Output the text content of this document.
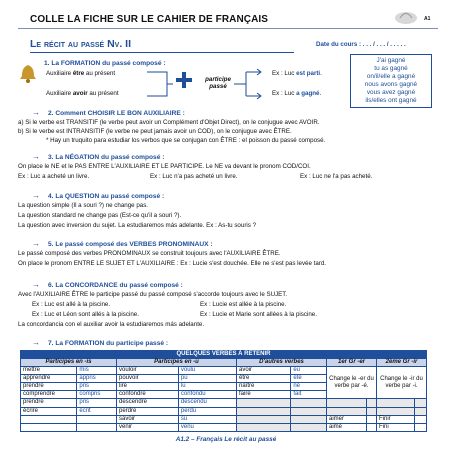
COLLE LA FICHE SUR LE CAHIER DE FRANÇAIS	A1
Le récit au passé Nv. II	Date du cours : . . . / . . . / . . . . .
1. La FORMATION du passé composé :
Auxiliaire être au présent
Auxiliaire avoir au présent
participe passé
Ex : Luc est parti.
Ex : Luc a gagné.
J'ai gagné
tu as gagné
on/il/elle a gagné
nous avons gagné
vous avez gagné
ils/elles ont gagné
→ 2. Comment CHOISIR LE BON AUXILIAIRE :
a) Si le verbe est TRANSITIF (le verbe peut avoir un Complément d'Objet Direct), on le conjugue avec AVOIR.
b) Si le verbe est INTRANSITIF (le verbe ne peut jamais avoir un COD), on le conjugue avec ÊTRE.
* Hay un truquito para estudiar los verbos que se conjugan con ÊTRE : el poisson du passé composé.
→ 3. La NÉGATION du passé composé :
On place le NE et le PAS ENTRE L'AUXILIAIRE ET LE PARTICIPE. Le NE va devant le pronom COD/COI.
Ex : Luc a acheté un livre.	Ex : Luc n'a pas acheté un livre.	Ex : Luc ne l'a pas acheté.
→ 4. La QUESTION au passé composé :
La question simple (Il a souri ?) ne change pas.
La question standard ne change pas (Est-ce qu'il a souri ?).
La question avec inversion du sujet. La estudiaremos más adelante. Ex : As-tu souris ?
→ 5. Le passé composé des VERBES PRONOMINAUX :
Le passé composé des verbes PRONOMINAUX se construit toujours avec l'AUXILIAIRE ÊTRE.
On place le pronom ENTRE LE SUJET ET L'AUXILIAIRE : Ex : Lucie s'est douchée. Elle ne s'est pas levée tard.
→ 6. La CONCORDANCE du passé composé :
Avec l'AUXILIAIRE ÊTRE le participe passé du passé composé s'accorde toujours avec le SUJET.
Ex : Luc est allé à la piscine.	Ex : Lucie est allée à la piscine.
Ex : Luc et Léon sont allés à la piscine.	Ex : Lucie et Marie sont allées à la piscine.
La concordancia con el auxiliar avoir la estudiaremos más adelante.
→ 7. La FORMATION du participe passé :
QUELQUES VERBES À RETENIR									
Participes en -is		Participes en -u		D'autres verbes		1er Gr -er		2ème Gr -ir	
mettre	mis	vouloir	voulu	avoir	eu	Change le -er du verbe par -é.		Change le -ir du verbe par -i.	
apprendre	appris	pouvoir	pu	être	été				
prendre	pris	lire	lu	naître	né				
comprendre	compris	confondre	confondu	faire	fait				
prendre	pris	descendre	descendu						
écrire	écrit	perdre	perdu						
		savoir	su			aimer		Finir	
		venir	venu			aimé		Fini	
A1.2 – Français Le récit au passé
